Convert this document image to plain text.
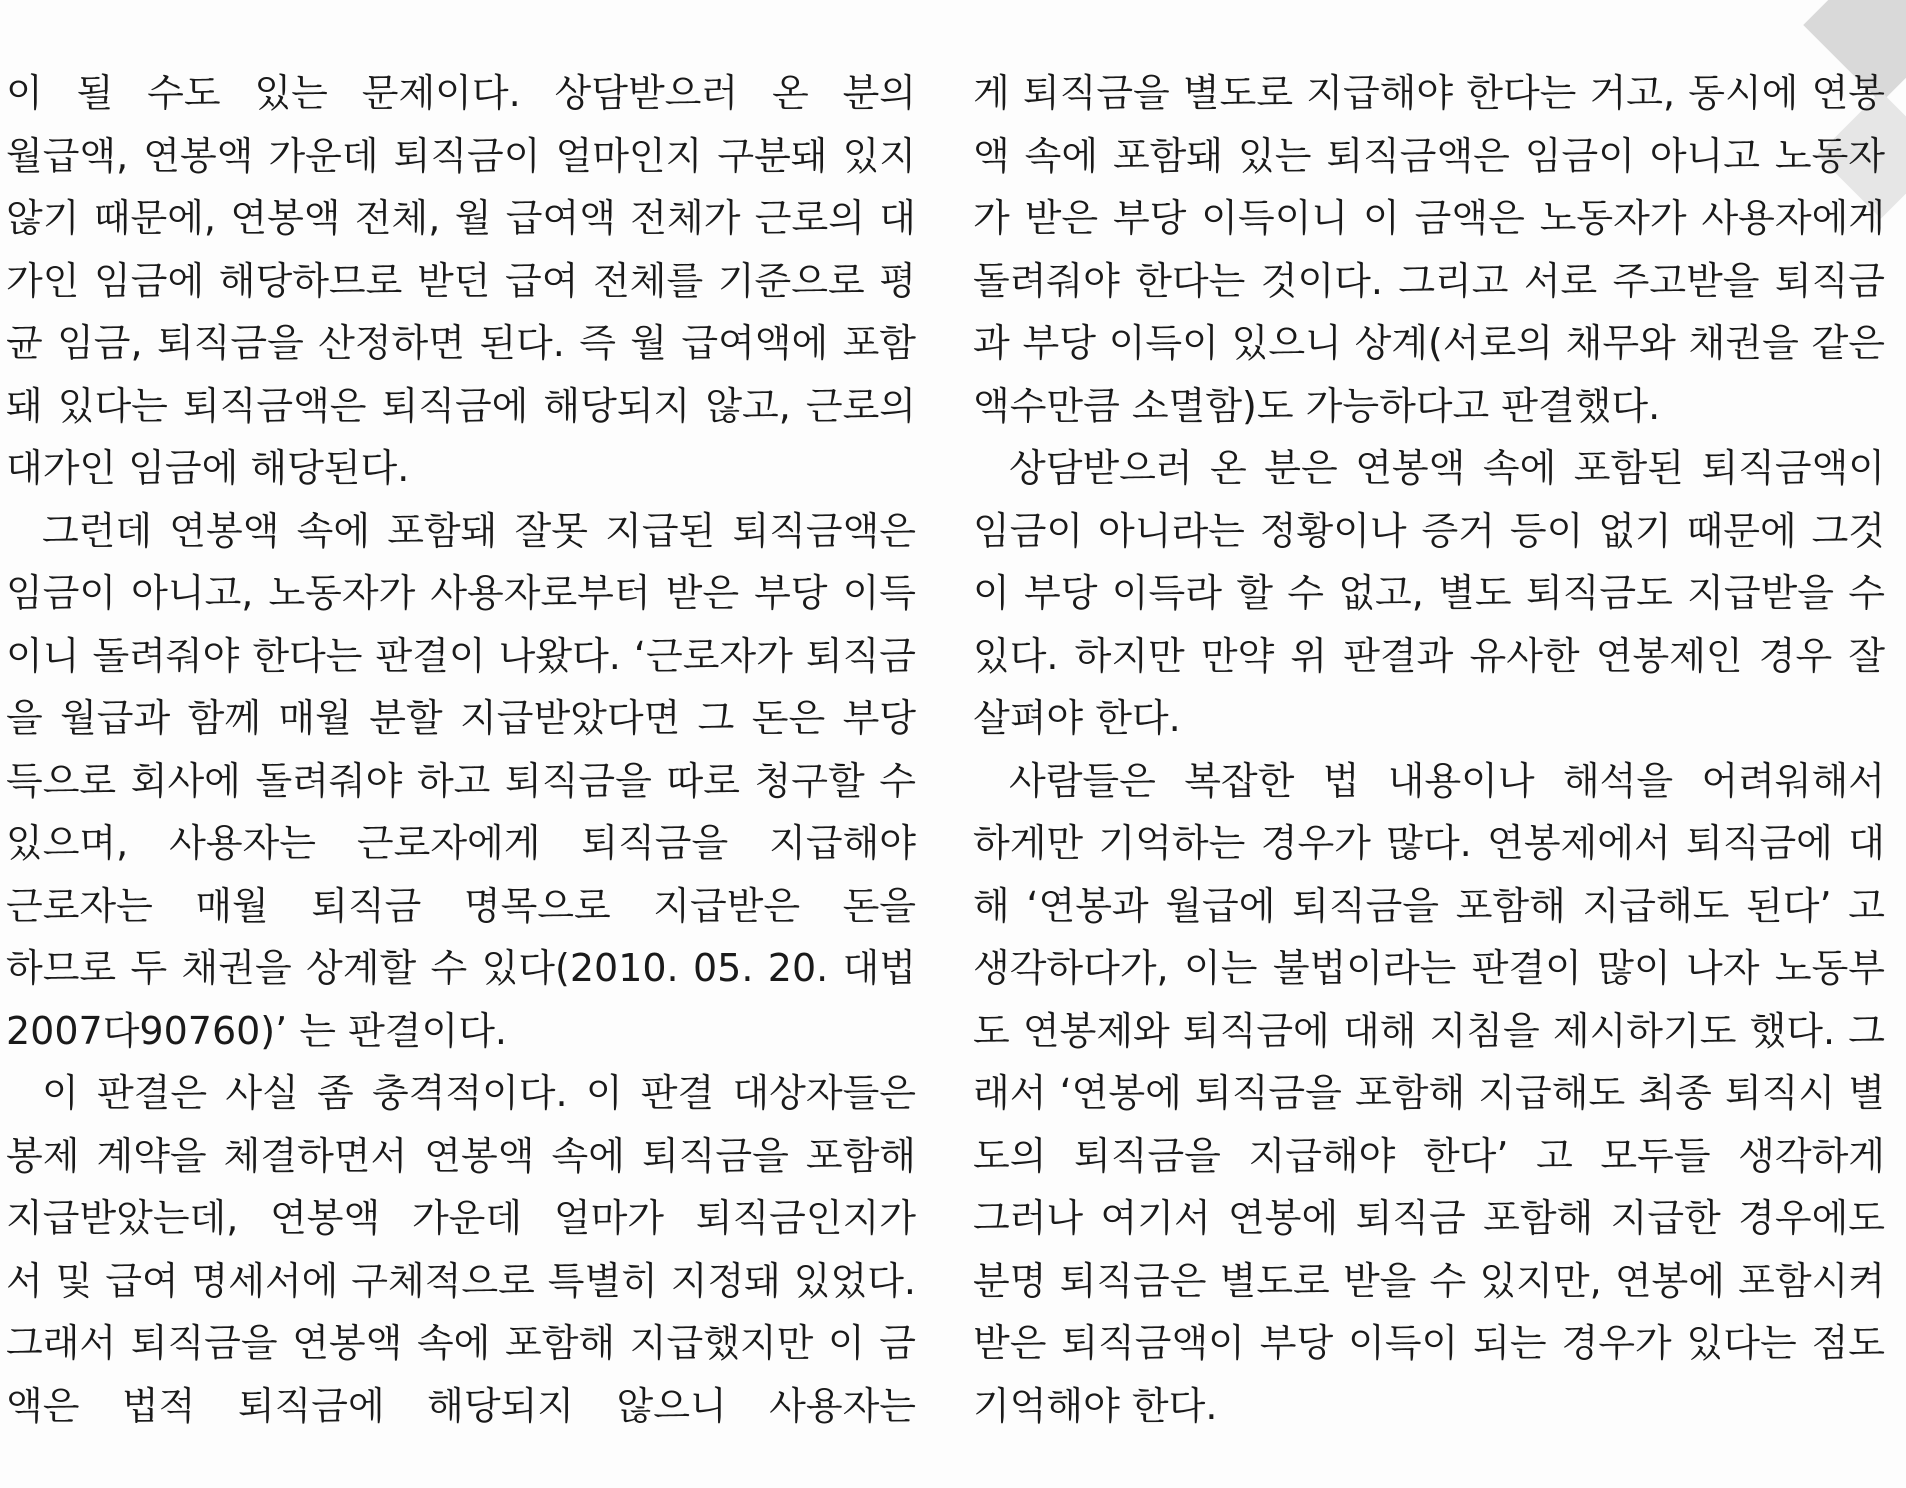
이 될 수도 있는 문제이다. 상담받으러 온 분의
월급액, 연봉액 가운데 퇴직금이 얼마인지 구분돼 있지
않기 때문에, 연봉액 전체, 월 급여액 전체가 근로의 대
가인 임금에 해당하므로 받던 급여 전체를 기준으로 평
균 임금, 퇴직금을 산정하면 된다. 즉 월 급여액에 포함
돼 있다는 퇴직금액은 퇴직금에 해당되지 않고, 근로의
대가인 임금에 해당된다.
그런데 연봉액 속에 포함돼 잘못 지급된 퇴직금액은
임금이 아니고, 노동자가 사용자로부터 받은 부당 이득
이니 돌려줘야 한다는 판결이 나왔다. ‘근로자가 퇴직금
을 월급과 함께 매월 분할 지급받았다면 그 돈은 부당
득으로 회사에 돌려줘야 하고 퇴직금을 따로 청구할 수
있으며, 사용자는 근로자에게 퇴직금을 지급해야
근로자는 매월 퇴직금 명목으로 지급받은 돈을
하므로 두 채권을 상계할 수 있다(2010. 05. 20. 대법
2007다90760)’ 는 판결이다.
이 판결은 사실 좀 충격적이다. 이 판결 대상자들은
봉제 계약을 체결하면서 연봉액 속에 퇴직금을 포함해
지급받았는데, 연봉액 가운데 얼마가 퇴직금인지가
서 및 급여 명세서에 구체적으로 특별히 지정돼 있었다.
그래서 퇴직금을 연봉액 속에 포함해 지급했지만 이 금
액은 법적 퇴직금에 해당되지 않으니 사용자는
게 퇴직금을 별도로 지급해야 한다는 거고, 동시에 연봉
액 속에 포함돼 있는 퇴직금액은 임금이 아니고 노동자
가 받은 부당 이득이니 이 금액은 노동자가 사용자에게
돌려줘야 한다는 것이다. 그리고 서로 주고받을 퇴직금
과 부당 이득이 있으니 상계(서로의 채무와 채권을 같은
액수만큼 소멸함)도 가능하다고 판결했다.
상담받으러 온 분은 연봉액 속에 포함된 퇴직금액이
임금이 아니라는 정황이나 증거 등이 없기 때문에 그것
이 부당 이득라 할 수 없고, 별도 퇴직금도 지급받을 수
있다. 하지만 만약 위 판결과 유사한 연봉제인 경우 잘
살펴야 한다.
사람들은 복잡한 법 내용이나 해석을 어려워해서
하게만 기억하는 경우가 많다. 연봉제에서 퇴직금에 대
해 ‘연봉과 월급에 퇴직금을 포함해 지급해도 된다’ 고
생각하다가, 이는 불법이라는 판결이 많이 나자 노동부
도 연봉제와 퇴직금에 대해 지침을 제시하기도 했다. 그
래서 ‘연봉에 퇴직금을 포함해 지급해도 최종 퇴직시 별
도의 퇴직금을 지급해야 한다’ 고 모두들 생각하게
그러나 여기서 연봉에 퇴직금 포함해 지급한 경우에도
분명 퇴직금은 별도로 받을 수 있지만, 연봉에 포함시켜
받은 퇴직금액이 부당 이득이 되는 경우가 있다는 점도
기억해야 한다.
